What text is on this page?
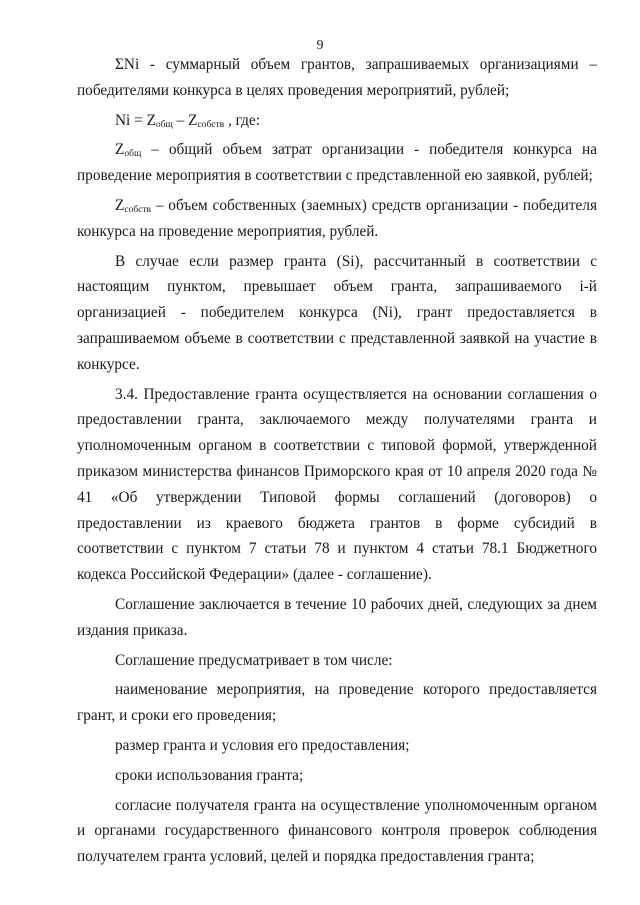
9

ΣNi - суммарный объем грантов, запрашиваемых организациями – победителями конкурса в целях проведения мероприятий, рублей;

$Ni = Z_{общ} - Z_{собств}$ , где:

$Z_{общ}$ – общий объем затрат организации - победителя конкурса на проведение мероприятия в соответствии с представленной ею заявкой, рублей;

$Z_{собств}$ – объем собственных (заемных) средств организации - победителя конкурса на проведение мероприятия, рублей.

В случае если размер гранта (Si), рассчитанный в соответствии с настоящим пунктом, превышает объем гранта, запрашиваемого i-й организацией - победителем конкурса (Ni), грант предоставляется в запрашиваемом объеме в соответствии с представленной заявкой на участие в конкурсе.

3.4. Предоставление гранта осуществляется на основании соглашения о предоставлении гранта, заключаемого между получателями гранта и уполномоченным органом в соответствии с типовой формой, утвержденной приказом министерства финансов Приморского края от 10 апреля 2020 года № 41 «Об утверждении Типовой формы соглашений (договоров) о предоставлении из краевого бюджета грантов в форме субсидий в соответствии с пунктом 7 статьи 78 и пунктом 4 статьи 78.1 Бюджетного кодекса Российской Федерации» (далее - соглашение).

Соглашение заключается в течение 10 рабочих дней, следующих за днем издания приказа.

Соглашение предусматривает в том числе:

наименование мероприятия, на проведение которого предоставляется грант, и сроки его проведения;

размер гранта и условия его предоставления;

сроки использования гранта;

согласие получателя гранта на осуществление уполномоченным органом и органами государственного финансового контроля проверок соблюдения получателем гранта условий, целей и порядка предоставления гранта;
